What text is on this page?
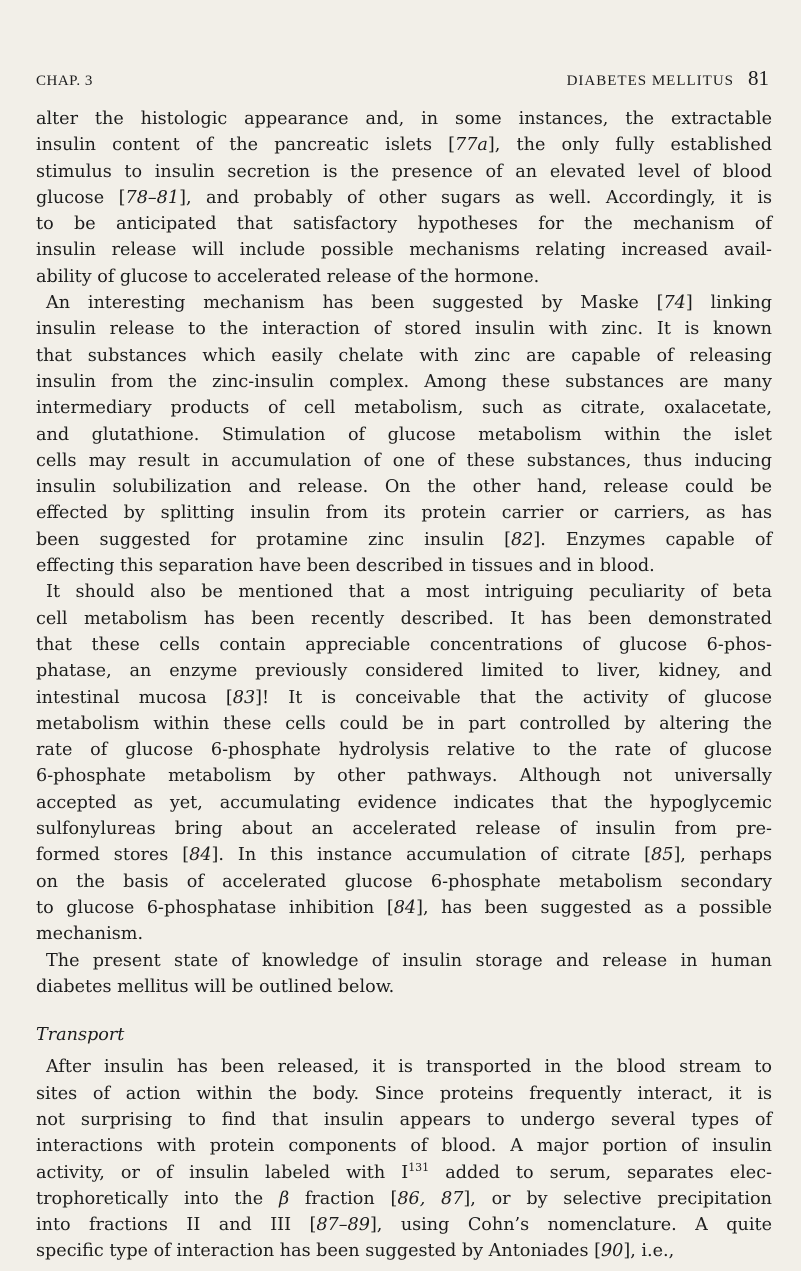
CHAP. 3	DIABETES MELLITUS 81
alter the histologic appearance and, in some instances, the extractable
insulin content of the pancreatic islets [77a], the only fully established
stimulus to insulin secretion is the presence of an elevated level of blood
glucose [78–81], and probably of other sugars as well. Accordingly, it is
to be anticipated that satisfactory hypotheses for the mechanism of
insulin release will include possible mechanisms relating increased avail-
ability of glucose to accelerated release of the hormone.
An interesting mechanism has been suggested by Maske [74] linking
insulin release to the interaction of stored insulin with zinc. It is known
that substances which easily chelate with zinc are capable of releasing
insulin from the zinc-insulin complex. Among these substances are many
intermediary products of cell metabolism, such as citrate, oxalacetate,
and glutathione. Stimulation of glucose metabolism within the islet
cells may result in accumulation of one of these substances, thus inducing
insulin solubilization and release. On the other hand, release could be
effected by splitting insulin from its protein carrier or carriers, as has
been suggested for protamine zinc insulin [82]. Enzymes capable of
effecting this separation have been described in tissues and in blood.
It should also be mentioned that a most intriguing peculiarity of beta
cell metabolism has been recently described. It has been demonstrated
that these cells contain appreciable concentrations of glucose 6-phos-
phatase, an enzyme previously considered limited to liver, kidney, and
intestinal mucosa [83]! It is conceivable that the activity of glucose
metabolism within these cells could be in part controlled by altering the
rate of glucose 6-phosphate hydrolysis relative to the rate of glucose
6-phosphate metabolism by other pathways. Although not universally
accepted as yet, accumulating evidence indicates that the hypoglycemic
sulfonylureas bring about an accelerated release of insulin from pre-
formed stores [84]. In this instance accumulation of citrate [85], perhaps
on the basis of accelerated glucose 6-phosphate metabolism secondary
to glucose 6-phosphatase inhibition [84], has been suggested as a possible
mechanism.
The present state of knowledge of insulin storage and release in human
diabetes mellitus will be outlined below.
Transport
After insulin has been released, it is transported in the blood stream to
sites of action within the body. Since proteins frequently interact, it is
not surprising to find that insulin appears to undergo several types of
interactions with protein components of blood. A major portion of insulin
activity, or of insulin labeled with $I^{131}$ added to serum, separates elec-
trophoretically into the β fraction [86, 87], or by selective precipitation
into fractions II and III [87–89], using Cohn’s nomenclature. A quite
specific type of interaction has been suggested by Antoniades [90], i.e.,
